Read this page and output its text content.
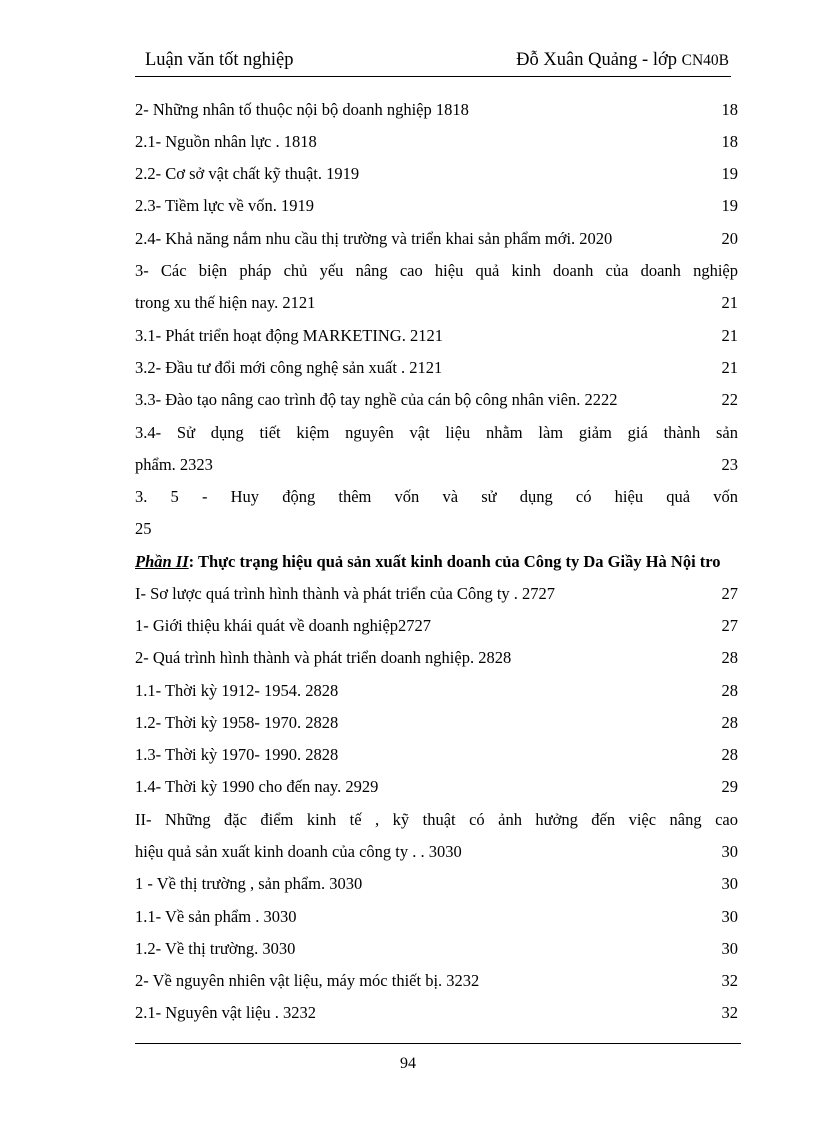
Luận văn tốt nghiệp	Đỗ Xuân Quảng - lớp CN40B
2- Những nhân tố thuộc nội bộ doanh nghiệp 1818	18
2.1- Nguồn nhân lực . 1818	18
2.2- Cơ sở vật chất kỹ thuật. 1919	19
2.3- Tiềm lực về vốn. 1919	19
2.4- Khả năng nắm nhu cầu thị trường và triển khai sản phẩm mới. 2020	20
3- Các biện pháp chủ yếu nâng cao hiệu quả kinh doanh của doanh nghiệp
trong xu thế hiện nay. 2121	21
3.1- Phát triển hoạt động MARKETING. 2121	21
3.2- Đầu tư đổi mới công nghệ sản xuất . 2121	21
3.3- Đào tạo nâng cao trình độ tay nghề của cán bộ công nhân viên. 2222	22
3.4- Sử dụng tiết kiệm nguyên vật liệu nhằm làm giảm giá thành sản
phẩm. 2323	23
3. 5 - Huy động thêm vốn và sử dụng có hiệu quả vốn
25
Phần II: Thực trạng hiệu quả sản xuất kinh doanh của Công ty Da Giầy Hà Nội tro
I- Sơ lược quá trình hình thành và phát triển của Công ty . 2727	27
1- Giới thiệu khái quát về doanh nghiệp2727	27
2- Quá trình hình thành và phát triển doanh nghiệp. 2828	28
1.1- Thời kỳ 1912- 1954. 2828	28
1.2- Thời kỳ 1958- 1970. 2828	28
1.3- Thời kỳ 1970- 1990. 2828	28
1.4- Thời kỳ 1990 cho đến nay. 2929	29
II- Những đặc điểm kinh tế , kỹ thuật có ảnh hưởng đến việc nâng cao
hiệu quả sản xuất kinh doanh của công ty . . 3030	30
1 - Về thị trường , sản phẩm. 3030	30
1.1- Về sản phẩm . 3030	30
1.2- Về thị trường. 3030	30
2- Về nguyên nhiên vật liệu, máy móc thiết bị. 3232	32
2.1- Nguyên vật liệu . 3232	32
94
